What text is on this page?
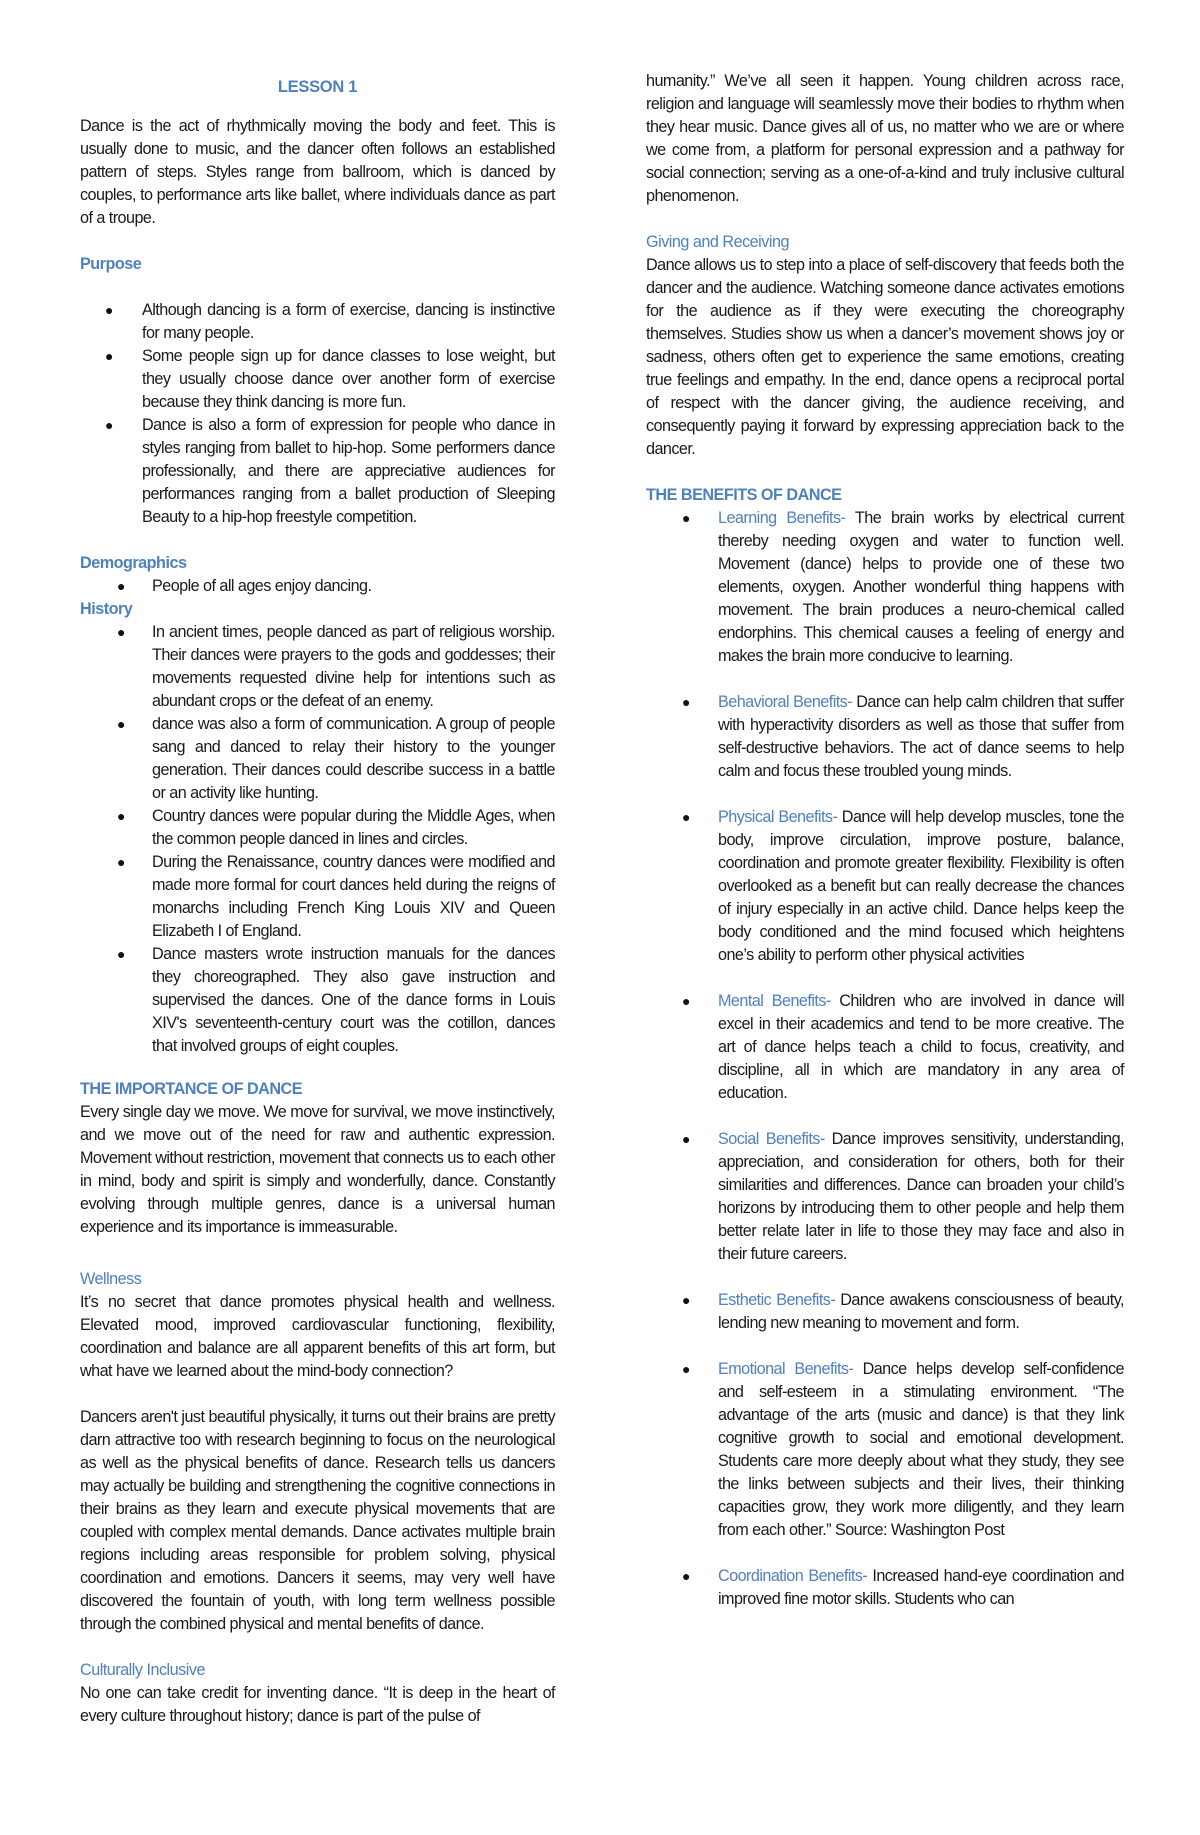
LESSON 1

Dance is the act of rhythmically moving the body and feet. This is usually done to music, and the dancer often follows an established pattern of steps. Styles range from ballroom, which is danced by couples, to performance arts like ballet, where individuals dance as part of a troupe.

Purpose
● Although dancing is a form of exercise, dancing is instinctive for many people.
● Some people sign up for dance classes to lose weight, but they usually choose dance over another form of exercise because they think dancing is more fun.
● Dance is also a form of expression for people who dance in styles ranging from ballet to hip-hop. Some performers dance professionally, and there are appreciative audiences for performances ranging from a ballet production of Sleeping Beauty to a hip-hop freestyle competition.
Demographics
● People of all ages enjoy dancing.
History
● In ancient times, people danced as part of religious worship. Their dances were prayers to the gods and goddesses; their movements requested divine help for intentions such as abundant crops or the defeat of an enemy.
● dance was also a form of communication. A group of people sang and danced to relay their history to the younger generation. Their dances could describe success in a battle or an activity like hunting.
● Country dances were popular during the Middle Ages, when the common people danced in lines and circles.
● During the Renaissance, country dances were modified and made more formal for court dances held during the reigns of monarchs including French King Louis XIV and Queen Elizabeth I of England.
● Dance masters wrote instruction manuals for the dances they choreographed. They also gave instruction and supervised the dances. One of the dance forms in Louis XIV's seventeenth-century court was the cotillon, dances that involved groups of eight couples.
THE IMPORTANCE OF DANCE

Every single day we move. We move for survival, we move instinctively, and we move out of the need for raw and authentic expression. Movement without restriction, movement that connects us to each other in mind, body and spirit is simply and wonderfully, dance. Constantly evolving through multiple genres, dance is a universal human experience and its importance is immeasurable.

Wellness

It’s no secret that dance promotes physical health and wellness. Elevated mood, improved cardiovascular functioning, flexibility, coordination and balance are all apparent benefits of this art form, but what have we learned about the mind-body connection?

Dancers aren't just beautiful physically, it turns out their brains are pretty darn attractive too with research beginning to focus on the neurological as well as the physical benefits of dance. Research tells us dancers may actually be building and strengthening the cognitive connections in their brains as they learn and execute physical movements that are coupled with complex mental demands. Dance activates multiple brain regions including areas responsible for problem solving, physical coordination and emotions. Dancers it seems, may very well have discovered the fountain of youth, with long term wellness possible through the combined physical and mental benefits of dance.

Culturally Inclusive

No one can take credit for inventing dance. “It is deep in the heart of every culture throughout history; dance is part of the pulse of

humanity.” We’ve all seen it happen. Young children across race, religion and language will seamlessly move their bodies to rhythm when they hear music. Dance gives all of us, no matter who we are or where we come from, a platform for personal expression and a pathway for social connection; serving as a one-of-a-kind and truly inclusive cultural phenomenon.

Giving and Receiving

Dance allows us to step into a place of self-discovery that feeds both the dancer and the audience. Watching someone dance activates emotions for the audience as if they were executing the choreography themselves. Studies show us when a dancer’s movement shows joy or sadness, others often get to experience the same emotions, creating true feelings and empathy. In the end, dance opens a reciprocal portal of respect with the dancer giving, the audience receiving, and consequently paying it forward by expressing appreciation back to the dancer.

THE BENEFITS OF DANCE
● Learning Benefits- The brain works by electrical current thereby needing oxygen and water to function well. Movement (dance) helps to provide one of these two elements, oxygen. Another wonderful thing happens with movement. The brain produces a neuro-chemical called endorphins. This chemical causes a feeling of energy and makes the brain more conducive to learning.
● Behavioral Benefits- Dance can help calm children that suffer with hyperactivity disorders as well as those that suffer from self-destructive behaviors. The act of dance seems to help calm and focus these troubled young minds.
● Physical Benefits- Dance will help develop muscles, tone the body, improve circulation, improve posture, balance, coordination and promote greater flexibility. Flexibility is often overlooked as a benefit but can really decrease the chances of injury especially in an active child. Dance helps keep the body conditioned and the mind focused which heightens one’s ability to perform other physical activities
● Mental Benefits- Children who are involved in dance will excel in their academics and tend to be more creative. The art of dance helps teach a child to focus, creativity, and discipline, all in which are mandatory in any area of education.
● Social Benefits- Dance improves sensitivity, understanding, appreciation, and consideration for others, both for their similarities and differences. Dance can broaden your child’s horizons by introducing them to other people and help them better relate later in life to those they may face and also in their future careers.
● Esthetic Benefits- Dance awakens consciousness of beauty, lending new meaning to movement and form.
● Emotional Benefits- Dance helps develop self-confidence and self-esteem in a stimulating environment. “The advantage of the arts (music and dance) is that they link cognitive growth to social and emotional development. Students care more deeply about what they study, they see the links between subjects and their lives, their thinking capacities grow, they work more diligently, and they learn from each other.” Source: Washington Post
● Coordination Benefits- Increased hand-eye coordination and improved fine motor skills. Students who can
